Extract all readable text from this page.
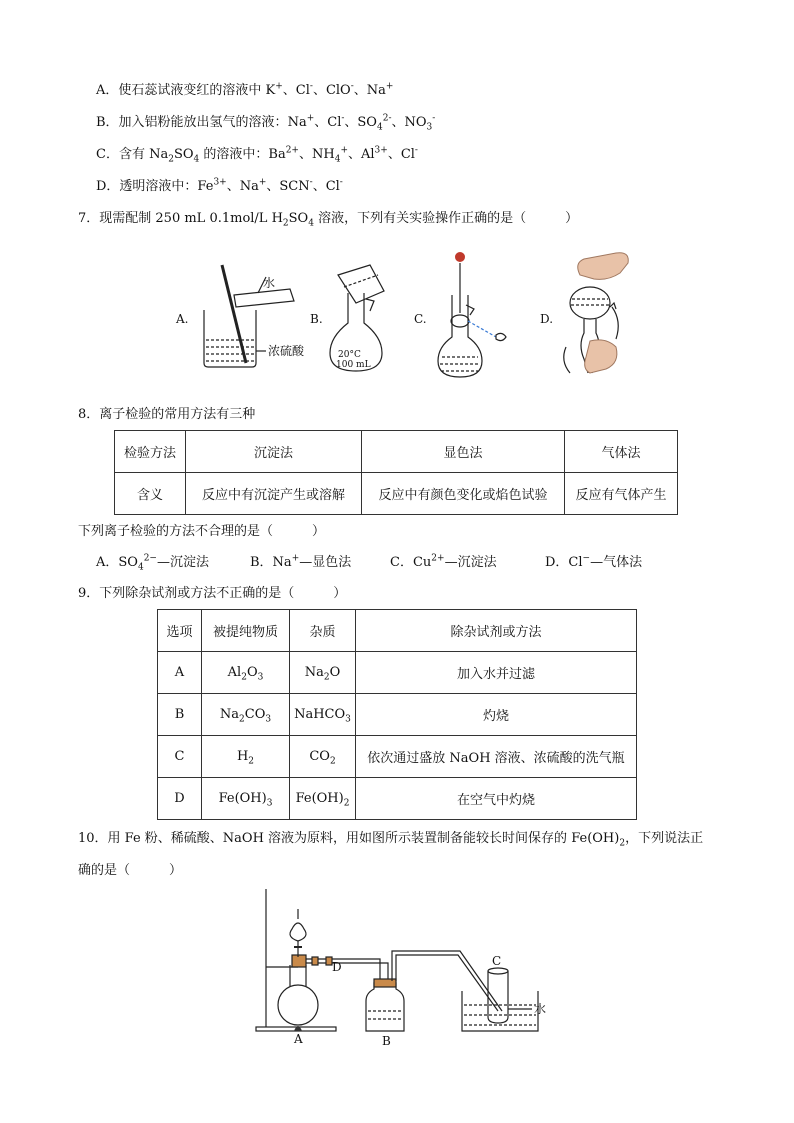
A．使石蕊试液变红的溶液中 K+、Cl-、ClO-、Na+
B．加入铝粉能放出氢气的溶液：Na+、Cl-、$SO_4^{2-}$、$NO_3^-$
C．含有 $Na_2SO_4$ 的溶液中：$Ba^{2+}$、$NH_4^+$、$Al^{3+}$、Cl-
D．透明溶液中：$Fe^{3+}$、Na+、SCN-、Cl-
7．现需配制 250 mL 0.1mol/L $H_2SO_4$ 溶液，下列有关实验操作正确的是（　　　）
A.
水
浓硫酸
B.
20°C
100 mL
C.	D.
8．离子检验的常用方法有三种
检验方法	沉淀法	显色法	气体法
含义	反应中有沉淀产生或溶解	反应中有颜色变化或焰色试验	反应有气体产生
下列离子检验的方法不合理的是（　　　）
A．$SO_4^{2-}—$沉淀法	B．Na+—显色法	C．$Cu^{2+}—$沉淀法	D．Cl−—气体法
9．下列除杂试剂或方法不正确的是（　　　）
选项	被提纯物质	杂质	除杂试剂或方法
A	$Al_2O_3$	$Na_2O$	加入水并过滤
B	$Na_2CO_3$	NaHCO$_3$	灼烧
C	$H_2$	$CO_2$	依次通过盛放 NaOH 溶液、浓硫酸的洗气瓶
D	$Fe(OH)_3$	$Fe(OH)_2$	在空气中灼烧
10．用 Fe 粉、稀硫酸、NaOH 溶液为原料，用如图所示装置制备能较长时间保存的 $Fe(OH)_2$，下列说法正
确的是（　　　）
A
D
B
C
水
